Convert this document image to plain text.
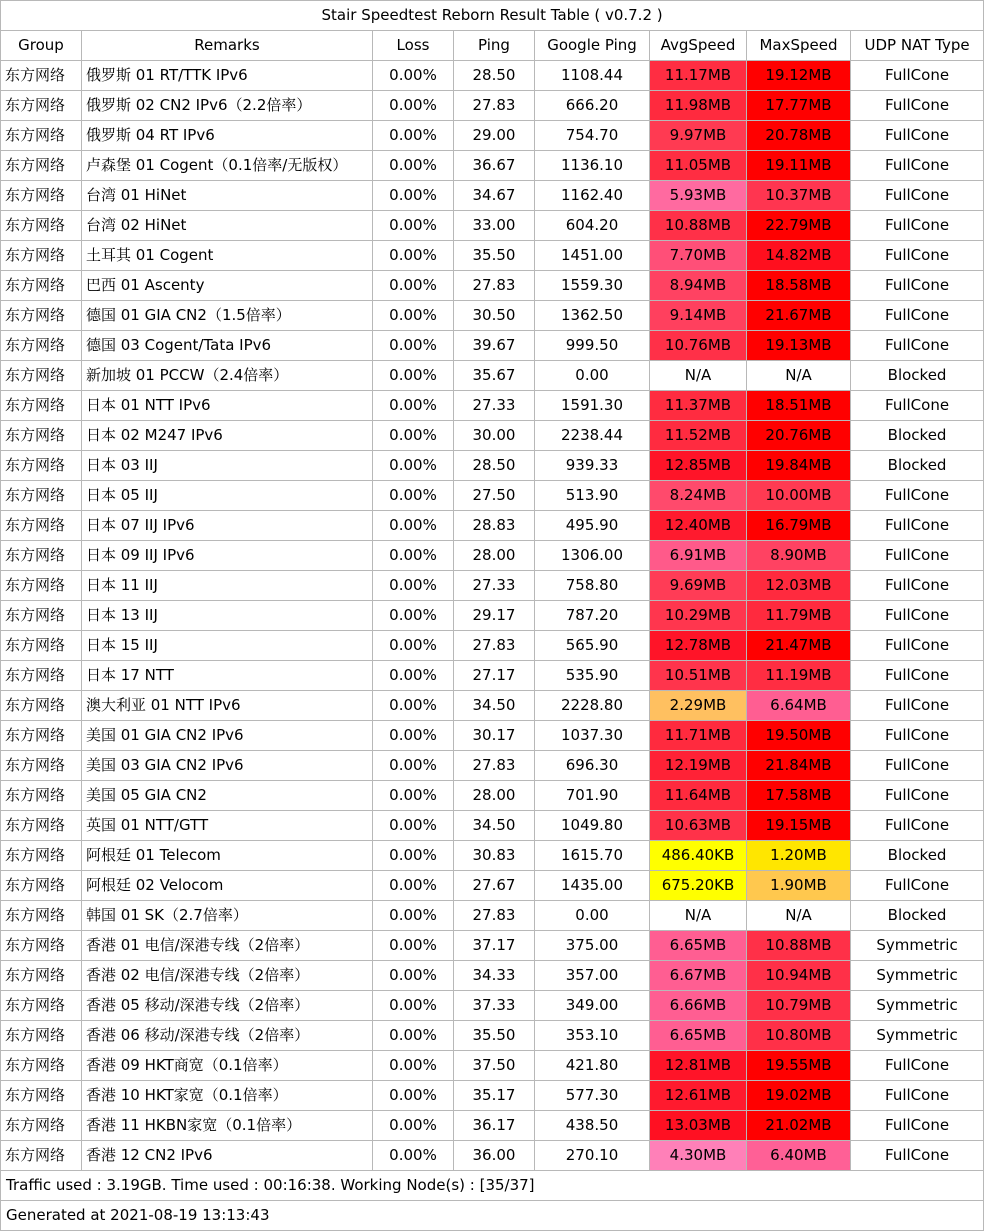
Stair Speedtest Reborn Result Table ( v0.7.2 )							
Group	Remarks	Loss	Ping	Google Ping	AvgSpeed	MaxSpeed	UDP NAT Type
东方网络	俄罗斯 01 RT/TTK IPv6	0.00%	28.50	1108.44	11.17MB	19.12MB	FullCone
东方网络	俄罗斯 02 CN2 IPv6（2.2倍率）	0.00%	27.83	666.20	11.98MB	17.77MB	FullCone
东方网络	俄罗斯 04 RT IPv6	0.00%	29.00	754.70	9.97MB	20.78MB	FullCone
东方网络	卢森堡 01 Cogent（0.1倍率/无版权）	0.00%	36.67	1136.10	11.05MB	19.11MB	FullCone
东方网络	台湾 01 HiNet	0.00%	34.67	1162.40	5.93MB	10.37MB	FullCone
东方网络	台湾 02 HiNet	0.00%	33.00	604.20	10.88MB	22.79MB	FullCone
东方网络	土耳其 01 Cogent	0.00%	35.50	1451.00	7.70MB	14.82MB	FullCone
东方网络	巴西 01 Ascenty	0.00%	27.83	1559.30	8.94MB	18.58MB	FullCone
东方网络	德国 01 GIA CN2（1.5倍率）	0.00%	30.50	1362.50	9.14MB	21.67MB	FullCone
东方网络	德国 03 Cogent/Tata IPv6	0.00%	39.67	999.50	10.76MB	19.13MB	FullCone
东方网络	新加坡 01 PCCW（2.4倍率）	0.00%	35.67	0.00	N/A	N/A	Blocked
东方网络	日本 01 NTT IPv6	0.00%	27.33	1591.30	11.37MB	18.51MB	FullCone
东方网络	日本 02 M247 IPv6	0.00%	30.00	2238.44	11.52MB	20.76MB	Blocked
东方网络	日本 03 IIJ	0.00%	28.50	939.33	12.85MB	19.84MB	Blocked
东方网络	日本 05 IIJ	0.00%	27.50	513.90	8.24MB	10.00MB	FullCone
东方网络	日本 07 IIJ IPv6	0.00%	28.83	495.90	12.40MB	16.79MB	FullCone
东方网络	日本 09 IIJ IPv6	0.00%	28.00	1306.00	6.91MB	8.90MB	FullCone
东方网络	日本 11 IIJ	0.00%	27.33	758.80	9.69MB	12.03MB	FullCone
东方网络	日本 13 IIJ	0.00%	29.17	787.20	10.29MB	11.79MB	FullCone
东方网络	日本 15 IIJ	0.00%	27.83	565.90	12.78MB	21.47MB	FullCone
东方网络	日本 17 NTT	0.00%	27.17	535.90	10.51MB	11.19MB	FullCone
东方网络	澳大利亚 01 NTT IPv6	0.00%	34.50	2228.80	2.29MB	6.64MB	FullCone
东方网络	美国 01 GIA CN2 IPv6	0.00%	30.17	1037.30	11.71MB	19.50MB	FullCone
东方网络	美国 03 GIA CN2 IPv6	0.00%	27.83	696.30	12.19MB	21.84MB	FullCone
东方网络	美国 05 GIA CN2	0.00%	28.00	701.90	11.64MB	17.58MB	FullCone
东方网络	英国 01 NTT/GTT	0.00%	34.50	1049.80	10.63MB	19.15MB	FullCone
东方网络	阿根廷 01 Telecom	0.00%	30.83	1615.70	486.40KB	1.20MB	Blocked
东方网络	阿根廷 02 Velocom	0.00%	27.67	1435.00	675.20KB	1.90MB	FullCone
东方网络	韩国 01 SK（2.7倍率）	0.00%	27.83	0.00	N/A	N/A	Blocked
东方网络	香港 01 电信/深港专线（2倍率）	0.00%	37.17	375.00	6.65MB	10.88MB	Symmetric
东方网络	香港 02 电信/深港专线（2倍率）	0.00%	34.33	357.00	6.67MB	10.94MB	Symmetric
东方网络	香港 05 移动/深港专线（2倍率）	0.00%	37.33	349.00	6.66MB	10.79MB	Symmetric
东方网络	香港 06 移动/深港专线（2倍率）	0.00%	35.50	353.10	6.65MB	10.80MB	Symmetric
东方网络	香港 09 HKT商宽（0.1倍率）	0.00%	37.50	421.80	12.81MB	19.55MB	FullCone
东方网络	香港 10 HKT家宽（0.1倍率）	0.00%	35.17	577.30	12.61MB	19.02MB	FullCone
东方网络	香港 11 HKBN家宽（0.1倍率）	0.00%	36.17	438.50	13.03MB	21.02MB	FullCone
东方网络	香港 12 CN2 IPv6	0.00%	36.00	270.10	4.30MB	6.40MB	FullCone
Traffic used : 3.19GB. Time used : 00:16:38. Working Node(s) : [35/37]							
Generated at 2021-08-19 13:13:43							
